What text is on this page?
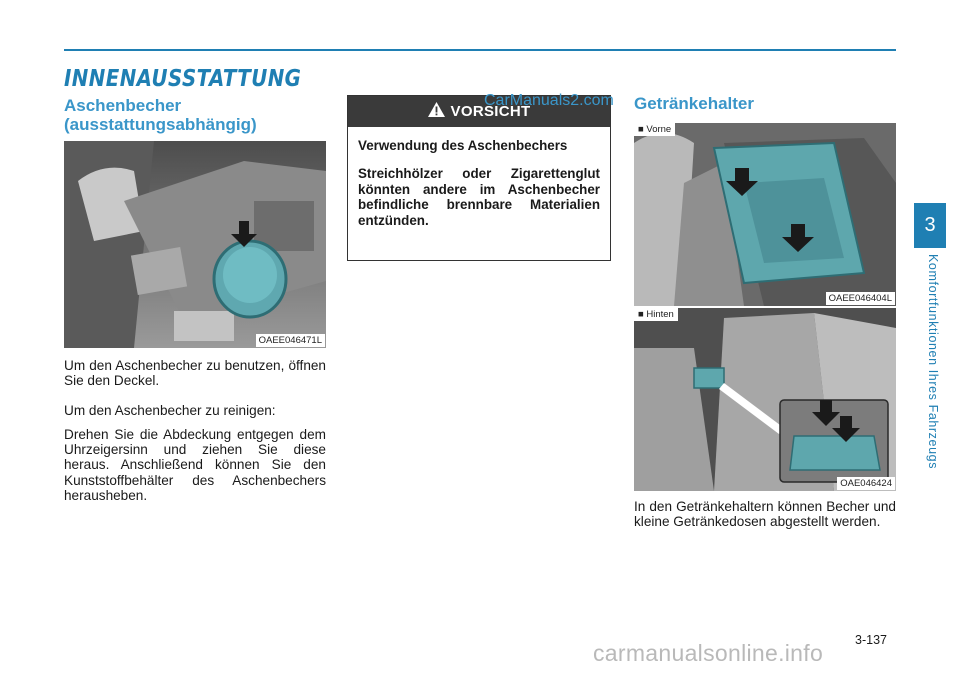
INNENAUSSTATTUNG
Aschenbecher
(ausstattungsabhängig)
OAEE046471L

Um den Aschenbecher zu benutzen, öffnen Sie den Deckel.

Um den Aschenbecher zu reinigen:

Drehen Sie die Abdeckung entgegen dem Uhrzeigersinn und ziehen Sie diese heraus. Anschließend können Sie den Kunststoffbehälter des Aschenbechers herausheben.

VORSICHT

Verwendung des Aschenbechers

Streichhölzer oder Zigarettenglut könnten andere im Aschenbecher befindliche brennbare Materialien entzünden.

CarManuals2.com Getränkehalter
■ Vorne
OAEE046404L
■ Hinten
OAE046424

In den Getränkehaltern können Becher und kleine Getränkedosen abgestellt werden.

3
Komfortfunktionen Ihres Fahrzeugs
3-137
carmanualsonline.info
